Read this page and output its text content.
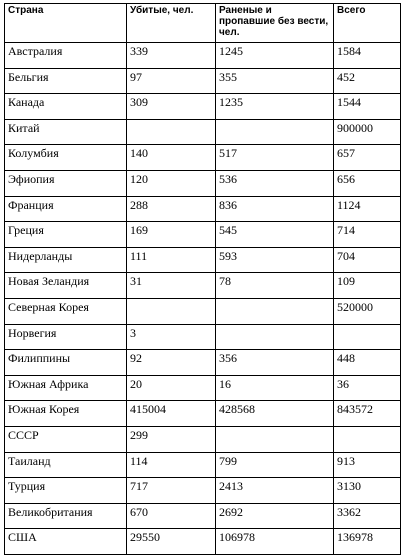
Страна	Убитые, чел.	Раненые и пропавшие без вести, чел.	Всего
Австралия	339	1245	1584
Бельгия	97	355	452
Канада	309	1235	1544
Китай			900000
Колумбия	140	517	657
Эфиопия	120	536	656
Франция	288	836	1124
Греция	169	545	714
Нидерланды	111	593	704
Новая Зеландия	31	78	109
Северная Корея			520000
Норвегия	3		
Филиппины	92	356	448
Южная Африка	20	16	36
Южная Корея	415004	428568	843572
СССР	299		
Таиланд	114	799	913
Турция	717	2413	3130
Великобритания	670	2692	3362
США	29550	106978	136978
